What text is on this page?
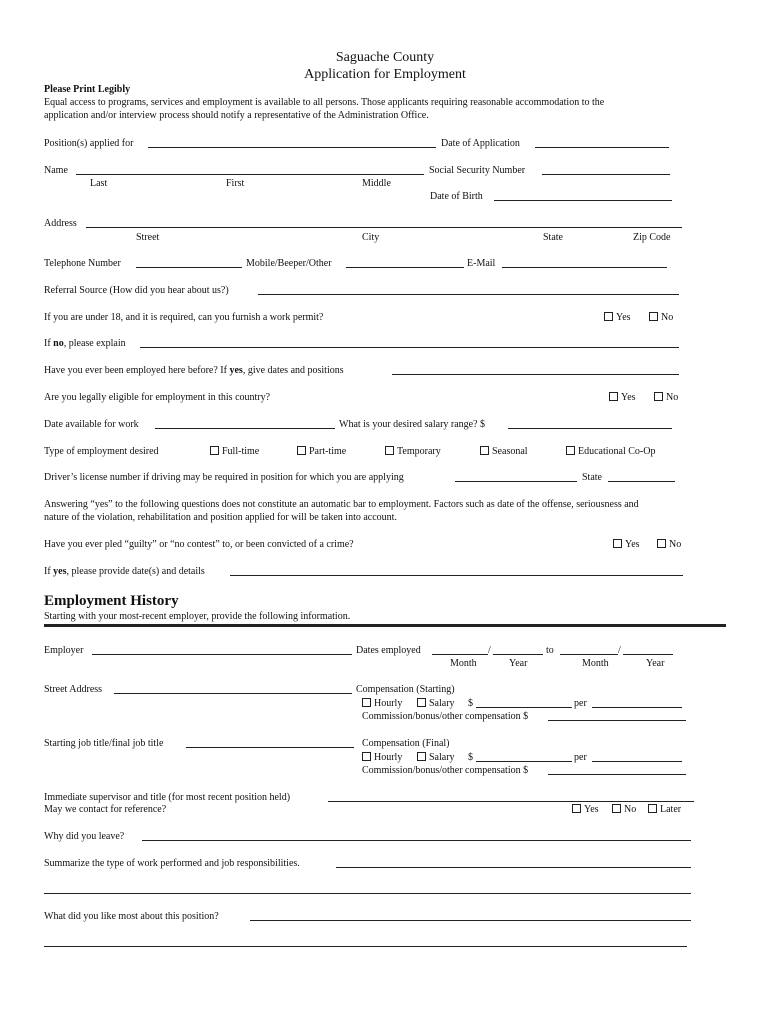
Saguache County
Application for Employment
Please Print Legibly
Equal access to programs, services and employment is available to all persons. Those applicants requiring reasonable accommodation to the
application and/or interview process should notify a representative of the Administration Office.
Position(s) applied for	Date of Application
Name	Social Security Number
Last	First	Middle
Date of Birth
Address
Street	City	State	Zip Code
Telephone Number	Mobile/Beeper/Other	E-Mail
Referral Source (How did you hear about us?)
If you are under 18, and it is required, can you furnish a work permit?	Yes	No
If no, please explain
Have you ever been employed here before? If yes, give dates and positions
Are you legally eligible for employment in this country?	Yes	No
Date available for work	What is your desired salary range? $
Type of employment desired	Full-time	Part-time	Temporary	Seasonal	Educational Co-Op
Driver’s license number if driving may be required in position for which you are applying	State
Answering “yes” to the following questions does not constitute an automatic bar to employment. Factors such as date of the offense, seriousness and
nature of the violation, rehabilitation and position applied for will be taken into account.
Have you ever pled “guilty” or “no contest” to, or been convicted of a crime?	Yes	No
If yes, please provide date(s) and details
Employment History
Starting with your most-recent employer, provide the following information.
Employer	Dates employed	/	to	/
Month	Year	Month	Year
Street Address	Compensation (Starting)
Hourly	Salary $	per
Commission/bonus/other compensation $
Starting job title/final job title	Compensation (Final)
Hourly	Salary $	per
Commission/bonus/other compensation $
Immediate supervisor and title (for most recent position held)
May we contact for reference?	Yes	No	Later
Why did you leave?
Summarize the type of work performed and job responsibilities.
What did you like most about this position?
